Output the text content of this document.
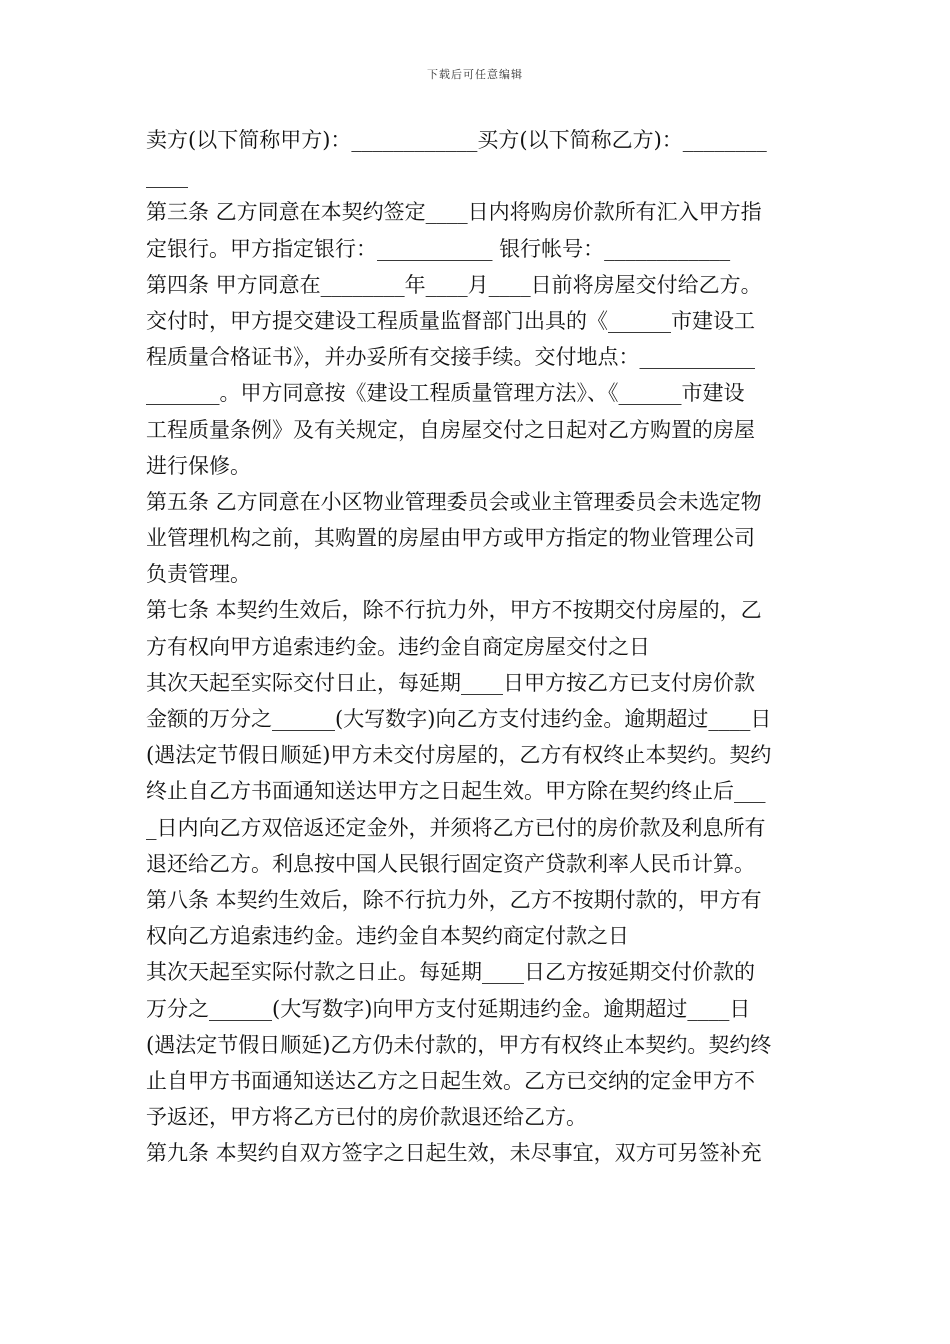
下载后可任意编辑
卖方(以下简称甲方)：____________买方(以下简称乙方)：________
____
第三条 乙方同意在本契约签定____日内将购房价款所有汇入甲方指
定银行。甲方指定银行：___________ 银行帐号：____________
第四条 甲方同意在________年____月____日前将房屋交付给乙方。
交付时，甲方提交建设工程质量监督部门出具的《______市建设工
程质量合格证书》，并办妥所有交接手续。交付地点：___________
_______。甲方同意按《建设工程质量管理方法》、《______市建设
工程质量条例》及有关规定，自房屋交付之日起对乙方购置的房屋
进行保修。
第五条 乙方同意在小区物业管理委员会或业主管理委员会未选定物
业管理机构之前，其购置的房屋由甲方或甲方指定的物业管理公司
负责管理。
第七条 本契约生效后，除不行抗力外，甲方不按期交付房屋的，乙
方有权向甲方追索违约金。违约金自商定房屋交付之日
其次天起至实际交付日止，每延期____日甲方按乙方已支付房价款
金额的万分之______(大写数字)向乙方支付违约金。逾期超过____日
(遇法定节假日顺延)甲方未交付房屋的，乙方有权终止本契约。契约
终止自乙方书面通知送达甲方之日起生效。甲方除在契约终止后___
_日内向乙方双倍返还定金外，并须将乙方已付的房价款及利息所有
退还给乙方。利息按中国人民银行固定资产贷款利率人民币计算。
第八条 本契约生效后，除不行抗力外，乙方不按期付款的，甲方有
权向乙方追索违约金。违约金自本契约商定付款之日
其次天起至实际付款之日止。每延期____日乙方按延期交付价款的
万分之______(大写数字)向甲方支付延期违约金。逾期超过____日
(遇法定节假日顺延)乙方仍未付款的，甲方有权终止本契约。契约终
止自甲方书面通知送达乙方之日起生效。乙方已交纳的定金甲方不
予返还，甲方将乙方已付的房价款退还给乙方。
第九条 本契约自双方签字之日起生效，未尽事宜，双方可另签补充
